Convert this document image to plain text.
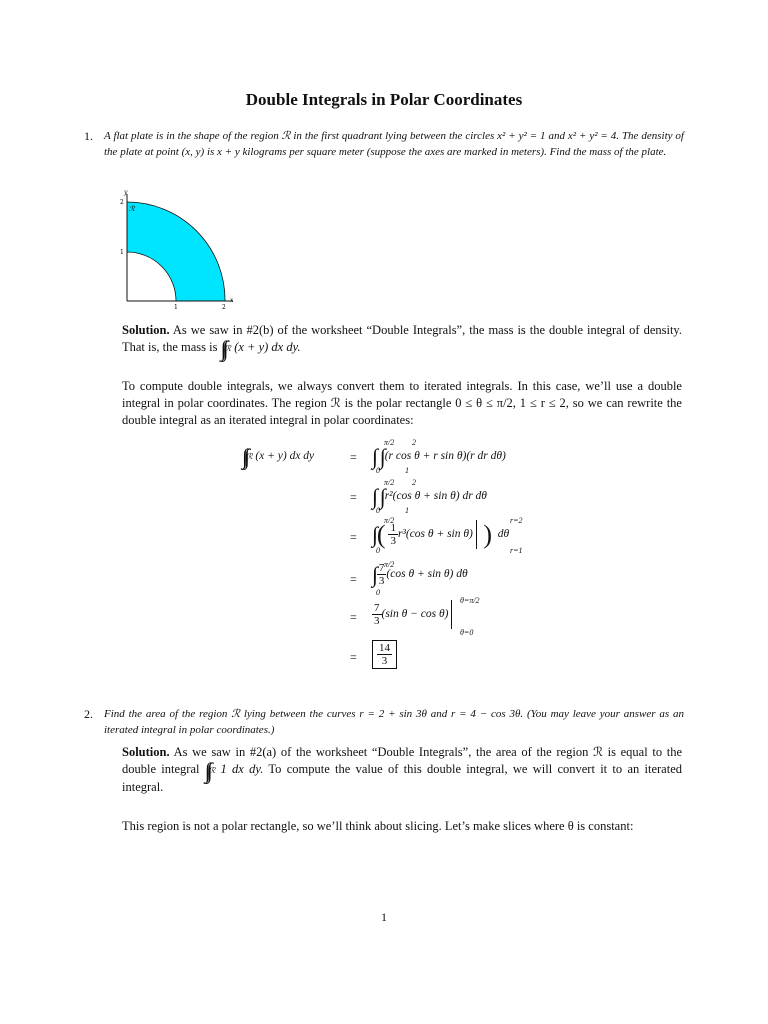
Double Integrals in Polar Coordinates
1. A flat plate is in the shape of the region ℛ in the first quadrant lying between the circles x² + y² = 1 and x² + y² = 4. The density of the plate at point (x, y) is x + y kilograms per square meter (suppose the axes are marked in meters). Find the mass of the plate.
x
y
1	2
1
2
ℛ
Solution. As we saw in #2(b) of the worksheet “Double Integrals”, the mass is the double integral of density. That is, the mass is ∫∫ℛ (x + y) dx dy.
To compute double integrals, we always convert them to iterated integrals. In this case, we’ll use a double integral in polar coordinates. The region ℛ is the polar rectangle 0 ≤ θ ≤ π/2, 1 ≤ r ≤ 2, so we can rewrite the double integral as an iterated integral in polar coordinates:
∫∫ℛ (x + y) dx dy	= ∫ ∫ (r cos θ + r sin θ)(r dr dθ)
π/2
0
2
1
= ∫ ∫ r²(cos θ + sin θ) dr dθ
π/2
0
2
1
= ∫ ( $\frac{1}{3} r^3(\cos$ θ + sin θ) ) dθ
π/2
0
r=2
r=1
= ∫ $\frac{7}{3} (\cos$ θ + sin θ) dθ
π/2
0
= $\frac{7}{3} (\sin$ θ − cos θ)
θ=π/2
θ=0
= $\frac{14}{3}$
2. Find the area of the region ℛ lying between the curves r = 2 + sin 3θ and r = 4 − cos 3θ. (You may leave your answer as an iterated integral in polar coordinates.)
Solution. As we saw in #2(a) of the worksheet “Double Integrals”, the area of the region ℛ is equal to the double integral ∫∫ℛ 1 dx dy. To compute the value of this double integral, we will convert it to an iterated integral.
This region is not a polar rectangle, so we’ll think about slicing. Let’s make slices where θ is constant:
1
